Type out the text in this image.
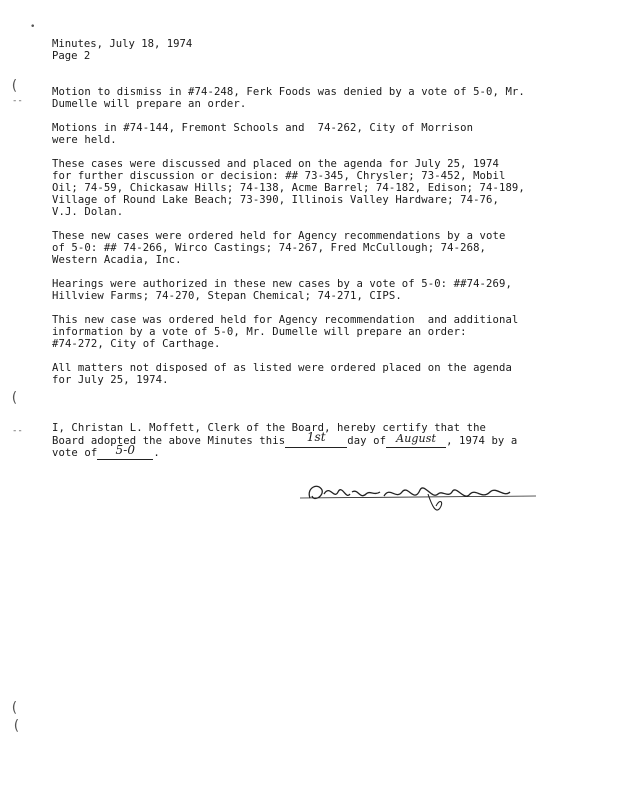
•
(
‐‐
(
‐‐
(
(
Minutes, July 18, 1974
Page 2
Motion to dismiss in #74-248, Ferk Foods was denied by a vote of 5-0, Mr.
Dumelle will prepare an order.
Motions in #74-144, Fremont Schools and  74-262, City of Morrison
were held.
These cases were discussed and placed on the agenda for July 25, 1974
for further discussion or decision: ## 73-345, Chrysler; 73-452, Mobil
Oil; 74-59, Chickasaw Hills; 74-138, Acme Barrel; 74-182, Edison; 74-189,
Village of Round Lake Beach; 73-390, Illinois Valley Hardware; 74-76,
V.J. Dolan.
These new cases were ordered held for Agency recommendations by a vote
of 5-0: ## 74-266, Wirco Castings; 74-267, Fred McCullough; 74-268,
Western Acadia, Inc.
Hearings were authorized in these new cases by a vote of 5-0: ##74-269,
Hillview Farms; 74-270, Stepan Chemical; 74-271, CIPS.
This new case was ordered held for Agency recommendation  and additional
information by a vote of 5-0, Mr. Dumelle will prepare an order:
#74-272, City of Carthage.
All matters not disposed of as listed were ordered placed on the agenda
for July 25, 1974.
I, Christan L. Moffett, Clerk of the Board, hereby certify that the
Board adopted the above Minutes this 1st day of August , 1974 by a
vote of 5-0 .
